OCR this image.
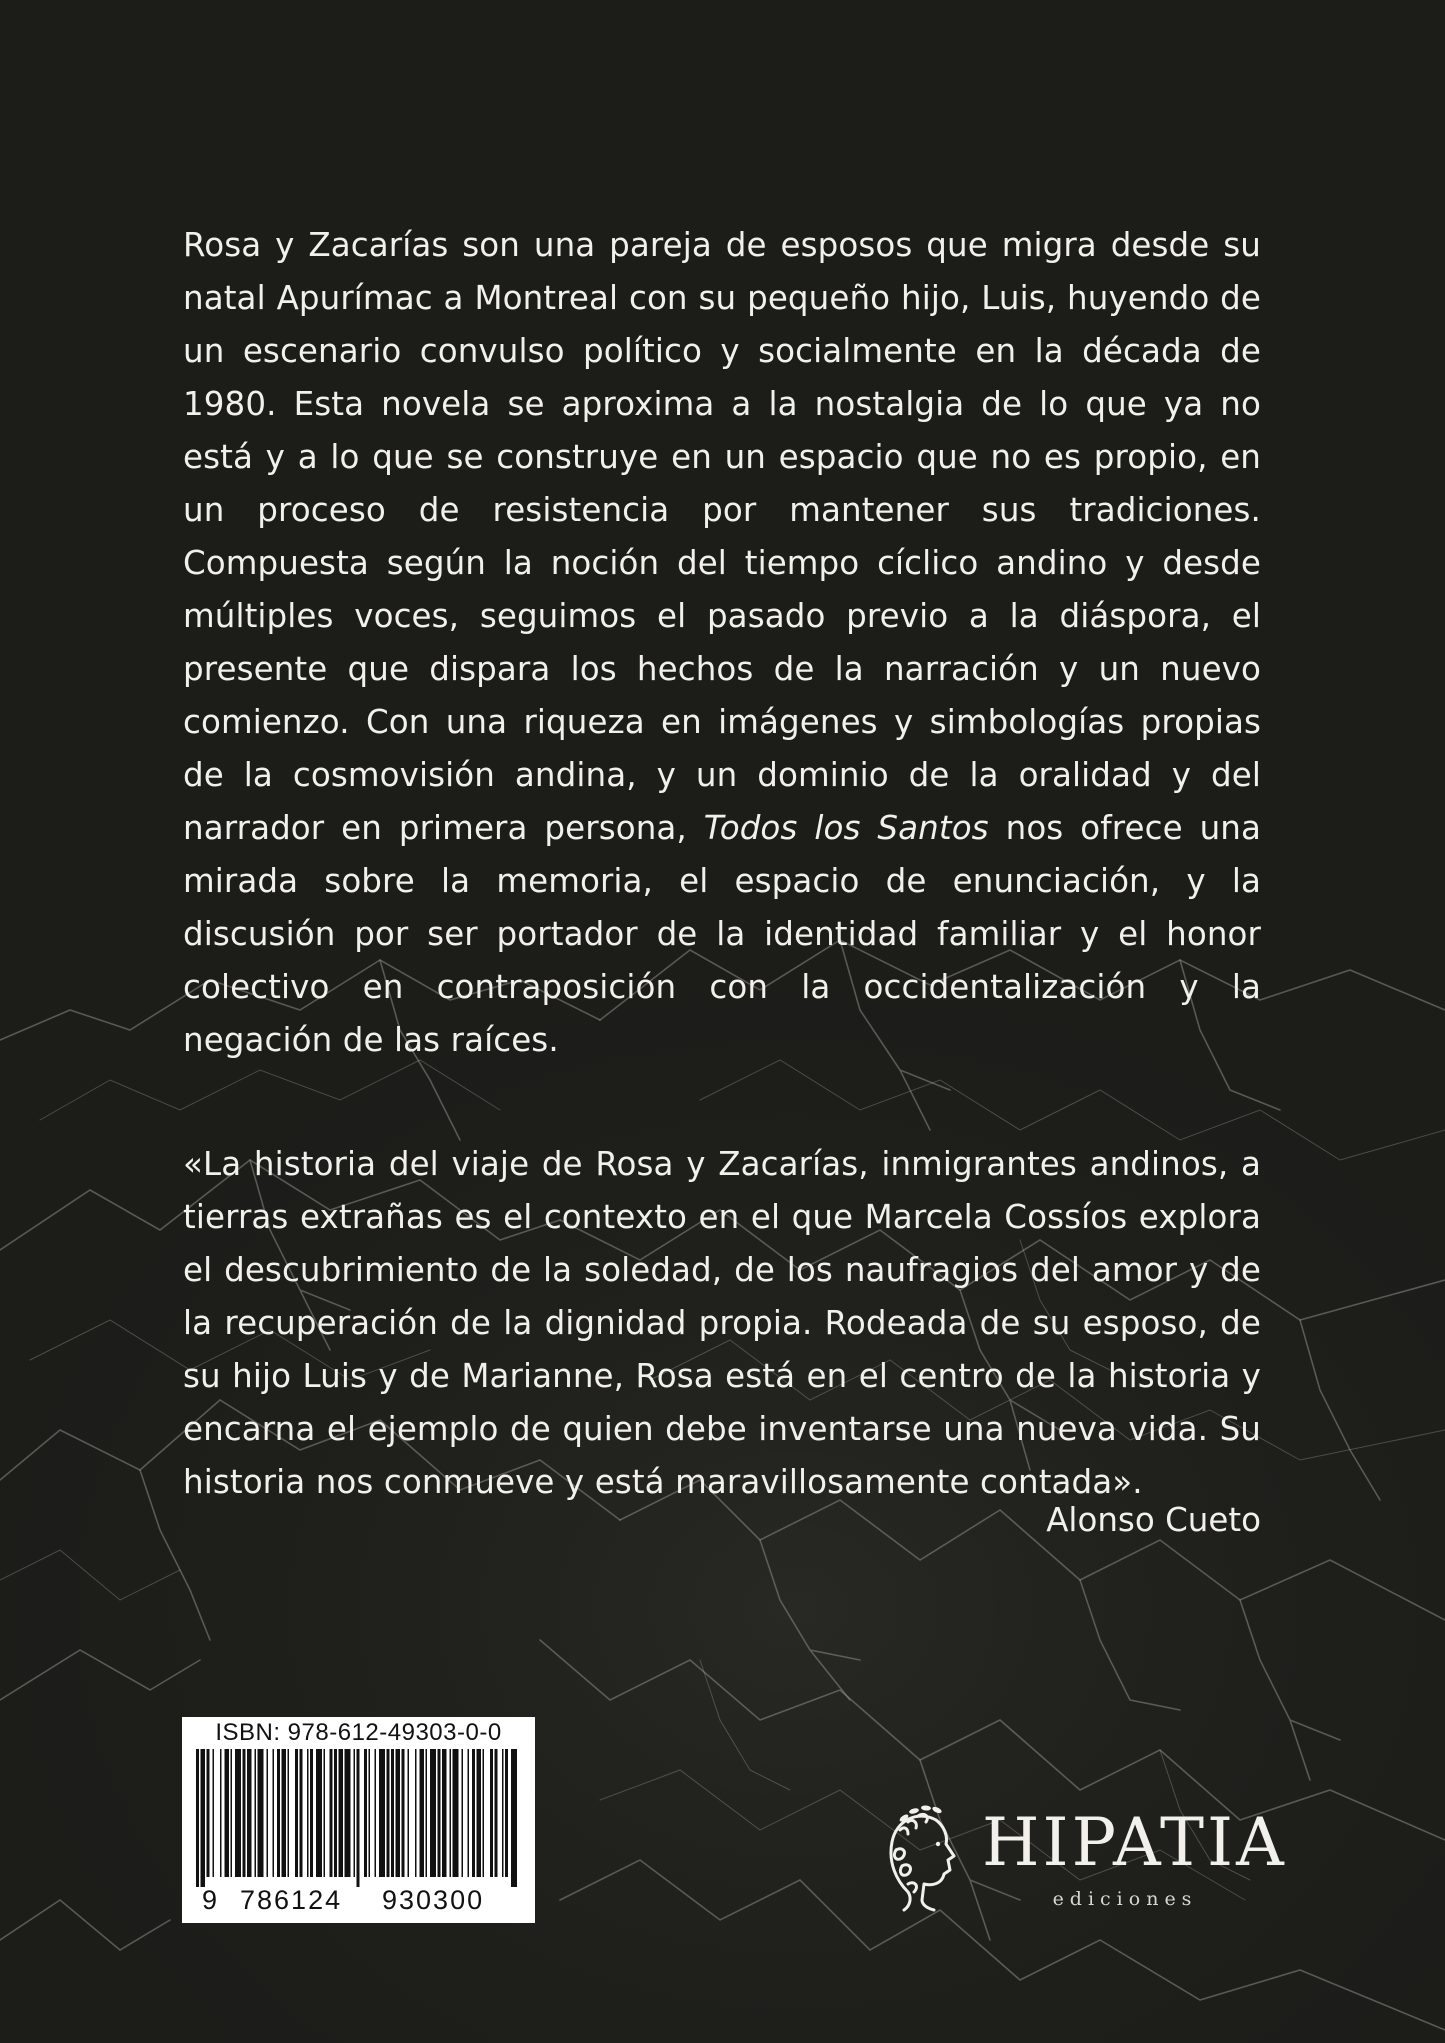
Rosa y Zacarías son una pareja de esposos que migra desde su natal Apurímac a Montreal con su pequeño hijo, Luis, huyendo de un escenario convulso político y socialmente en la década de 1980. Esta novela se aproxima a la nostalgia de lo que ya no está y a lo que se construye en un espacio que no es propio, en un proceso de resistencia por mantener sus tradiciones. Compuesta según la noción del tiempo cíclico andino y desde múltiples voces, seguimos el pasado previo a la diáspora, el presente que dispara los hechos de la narración y un nuevo comienzo. Con una riqueza en imágenes y simbologías propias de la cosmovisión andina, y un dominio de la oralidad y del narrador en primera persona, Todos los Santos nos ofrece una mirada sobre la memoria, el espacio de enunciación, y la discusión por ser portador de la identidad familiar y el honor colectivo en contraposición con la occidentalización y la negación de las raíces.

«La historia del viaje de Rosa y Zacarías, inmigrantes andinos, a tierras extrañas es el contexto en el que Marcela Cossíos explora el descubrimiento de la soledad, de los naufragios del amor y de la recuperación de la dignidad propia. Rodeada de su esposo, de su hijo Luis y de Marianne, Rosa está en el centro de la historia y encarna el ejemplo de quien debe inventarse una nueva vida. Su historia nos conmueve y está maravillosamente contada».

Alonso Cueto
ISBN: 978-612-49303-0-0
9 786124 930300
HIPATIA
ediciones
